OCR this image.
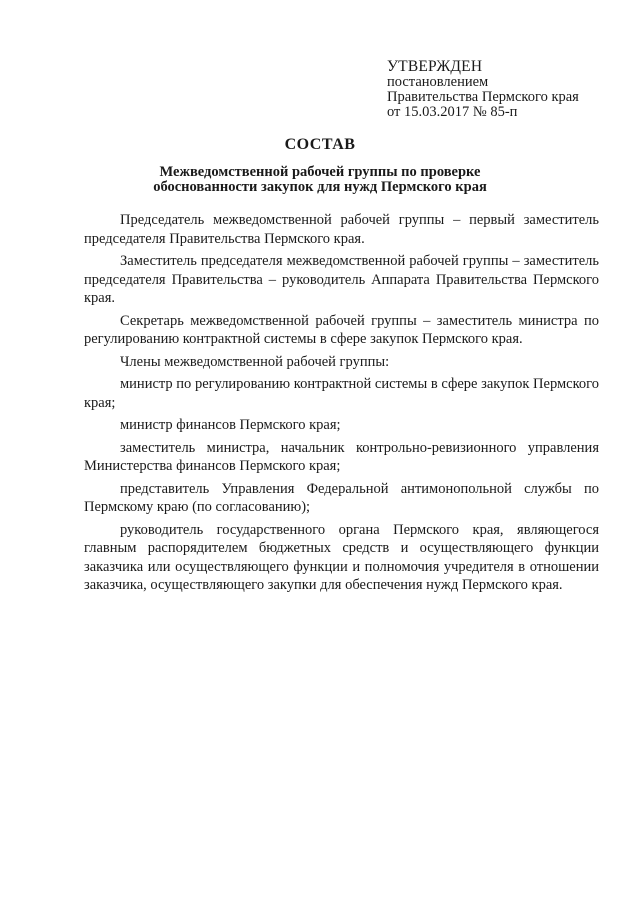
УТВЕРЖДЕН
постановлением
Правительства Пермского края
от 15.03.2017 № 85-п
СОСТАВ
Межведомственной рабочей группы по проверке
обоснованности закупок для нужд Пермского края

Председатель межведомственной рабочей группы – первый заместитель председателя Правительства Пермского края.

Заместитель председателя межведомственной рабочей группы – заместитель председателя Правительства – руководитель Аппарата Правительства Пермского края.

Секретарь межведомственной рабочей группы – заместитель министра по регулированию контрактной системы в сфере закупок Пермского края.

Члены межведомственной рабочей группы:

министр по регулированию контрактной системы в сфере закупок Пермского края;

министр финансов Пермского края;

заместитель министра, начальник контрольно-ревизионного управления Министерства финансов Пермского края;

представитель Управления Федеральной антимонопольной службы по Пермскому краю (по согласованию);

руководитель государственного органа Пермского края, являющегося главным распорядителем бюджетных средств и осуществляющего функции заказчика или осуществляющего функции и полномочия учредителя в отношении заказчика, осуществляющего закупки для обеспечения нужд Пермского края.
